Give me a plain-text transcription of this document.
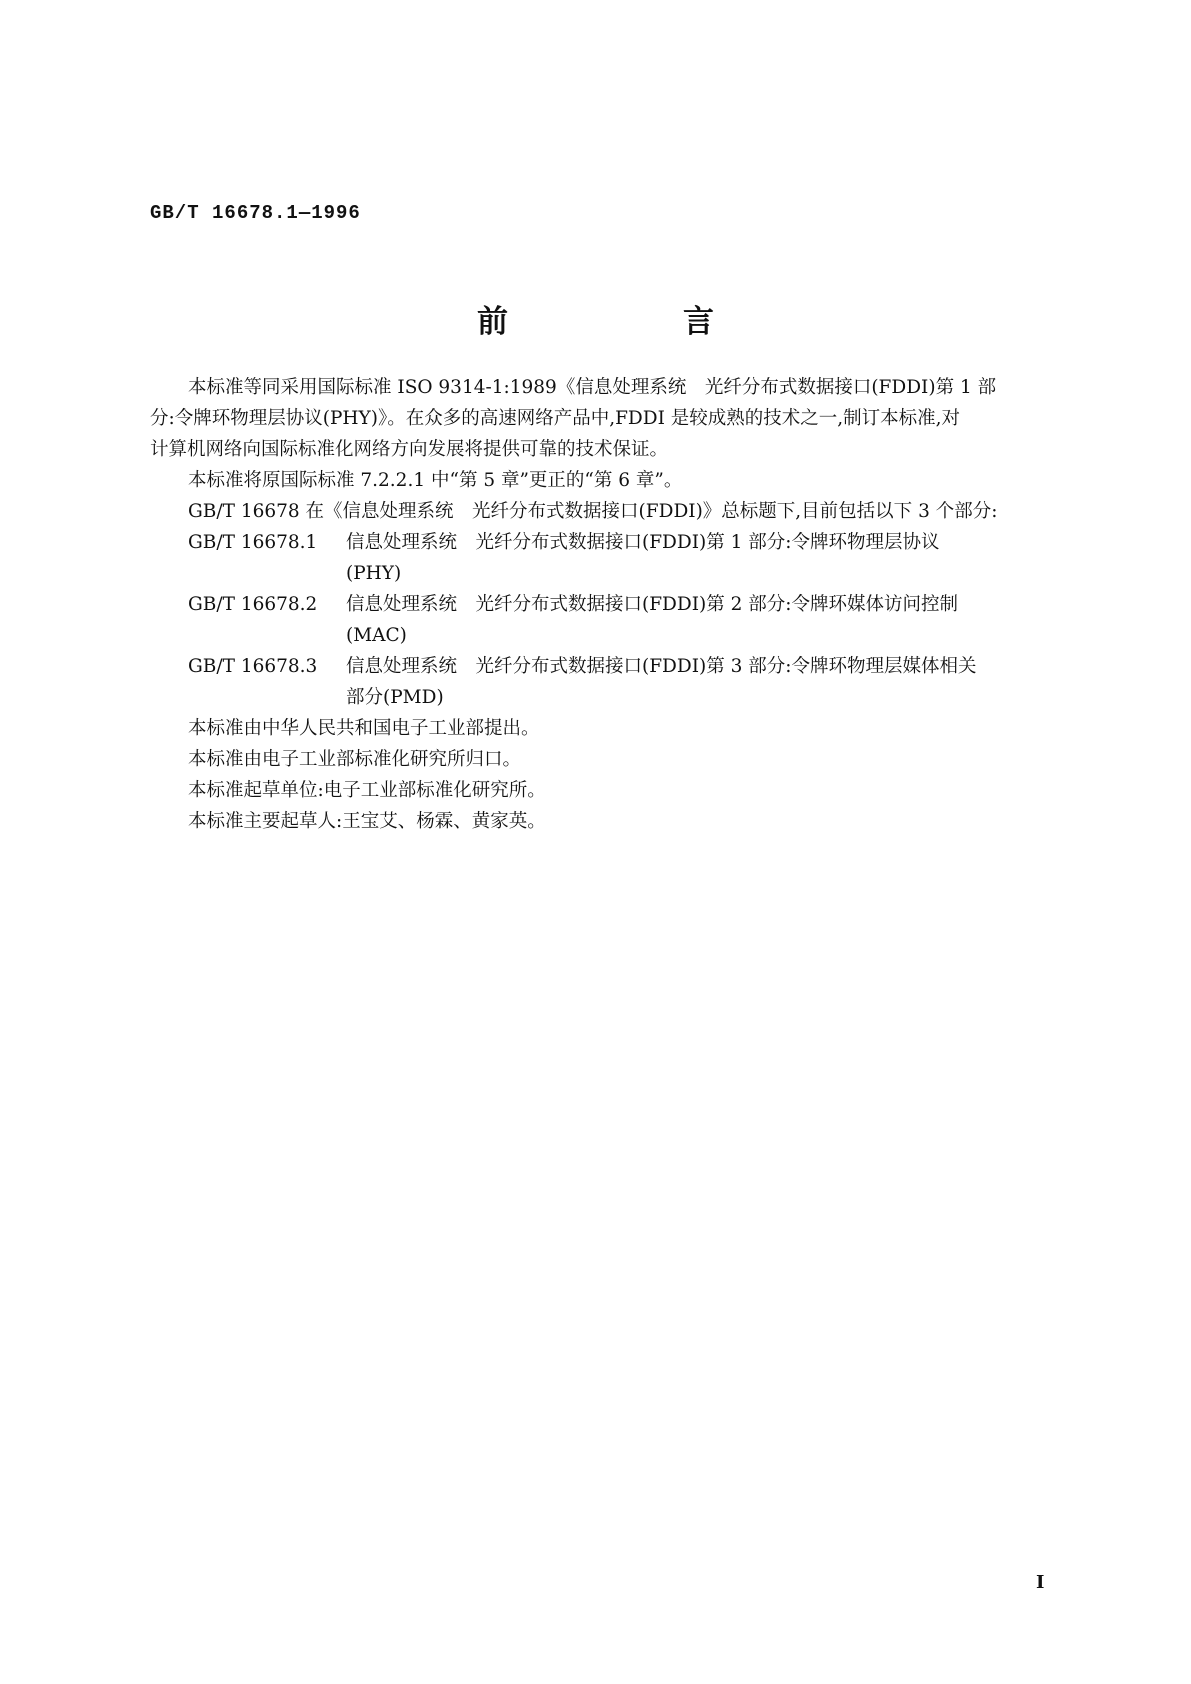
GB/T 16678.1—1996
前　言

本标准等同采用国际标准 ISO 9314-1:1989《信息处理系统　光纤分布式数据接口(FDDI)第 1 部
分:令牌环物理层协议(PHY)》。在众多的高速网络产品中,FDDI 是较成熟的技术之一,制订本标准,对
计算机网络向国际标准化网络方向发展将提供可靠的技术保证。

本标准将原国际标准 7.2.2.1 中“第 5 章”更正的“第 6 章”。

GB/T 16678 在《信息处理系统　光纤分布式数据接口(FDDI)》总标题下,目前包括以下 3 个部分:

GB/T 16678.1	信息处理系统　光纤分布式数据接口(FDDI)第 1 部分:令牌环物理层协议
(PHY)
GB/T 16678.2	信息处理系统　光纤分布式数据接口(FDDI)第 2 部分:令牌环媒体访问控制
(MAC)
GB/T 16678.3	信息处理系统　光纤分布式数据接口(FDDI)第 3 部分:令牌环物理层媒体相关
部分(PMD)

本标准由中华人民共和国电子工业部提出。

本标准由电子工业部标准化研究所归口。

本标准起草单位:电子工业部标准化研究所。

本标准主要起草人:王宝艾、杨霖、黄家英。

I
